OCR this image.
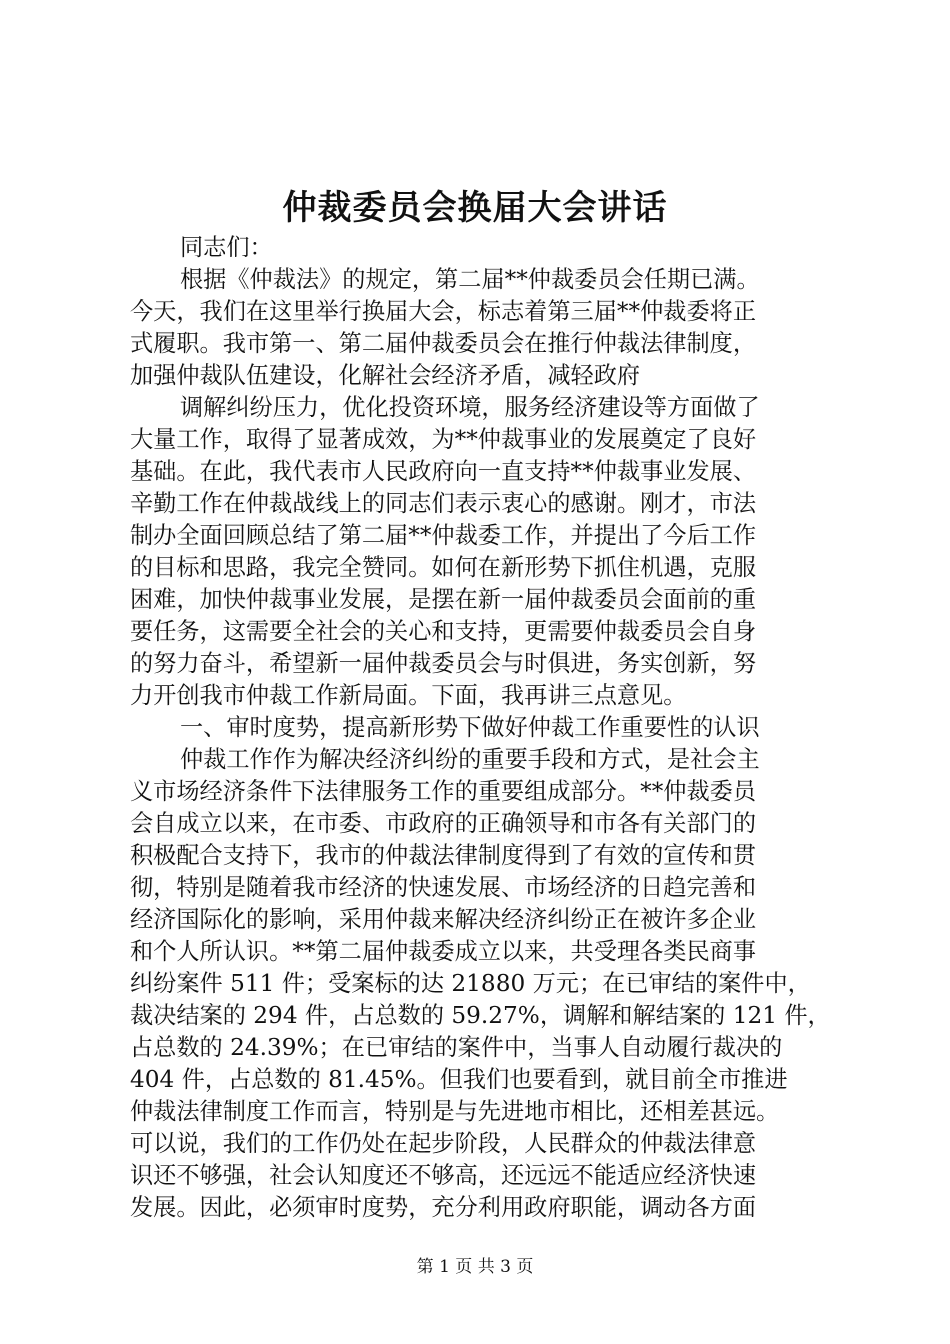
仲裁委员会换届大会讲话
同志们：
根据《仲裁法》的规定，第二届**仲裁委员会任期已满。
今天，我们在这里举行换届大会，标志着第三届**仲裁委将正
式履职。我市第一、第二届仲裁委员会在推行仲裁法律制度，
加强仲裁队伍建设，化解社会经济矛盾，减轻政府
调解纠纷压力，优化投资环境，服务经济建设等方面做了
大量工作，取得了显著成效，为**仲裁事业的发展奠定了良好
基础。在此，我代表市人民政府向一直支持**仲裁事业发展、
辛勤工作在仲裁战线上的同志们表示衷心的感谢。刚才，市法
制办全面回顾总结了第二届**仲裁委工作，并提出了今后工作
的目标和思路，我完全赞同。如何在新形势下抓住机遇，克服
困难，加快仲裁事业发展，是摆在新一届仲裁委员会面前的重
要任务，这需要全社会的关心和支持，更需要仲裁委员会自身
的努力奋斗，希望新一届仲裁委员会与时俱进，务实创新，努
力开创我市仲裁工作新局面。下面，我再讲三点意见。
一、审时度势，提高新形势下做好仲裁工作重要性的认识
仲裁工作作为解决经济纠纷的重要手段和方式，是社会主
义市场经济条件下法律服务工作的重要组成部分。**仲裁委员
会自成立以来，在市委、市政府的正确领导和市各有关部门的
积极配合支持下，我市的仲裁法律制度得到了有效的宣传和贯
彻，特别是随着我市经济的快速发展、市场经济的日趋完善和
经济国际化的影响，采用仲裁来解决经济纠纷正在被许多企业
和个人所认识。**第二届仲裁委成立以来，共受理各类民商事
纠纷案件 511 件；受案标的达 21880 万元；在已审结的案件中，
裁决结案的 294 件，占总数的 59.27%，调解和解结案的 121 件，
占总数的 24.39%；在已审结的案件中，当事人自动履行裁决的
404 件，占总数的 81.45%。但我们也要看到，就目前全市推进
仲裁法律制度工作而言，特别是与先进地市相比，还相差甚远。
可以说，我们的工作仍处在起步阶段，人民群众的仲裁法律意
识还不够强，社会认知度还不够高，还远远不能适应经济快速
发展。因此，必须审时度势，充分利用政府职能，调动各方面
第 1 页 共 3 页
